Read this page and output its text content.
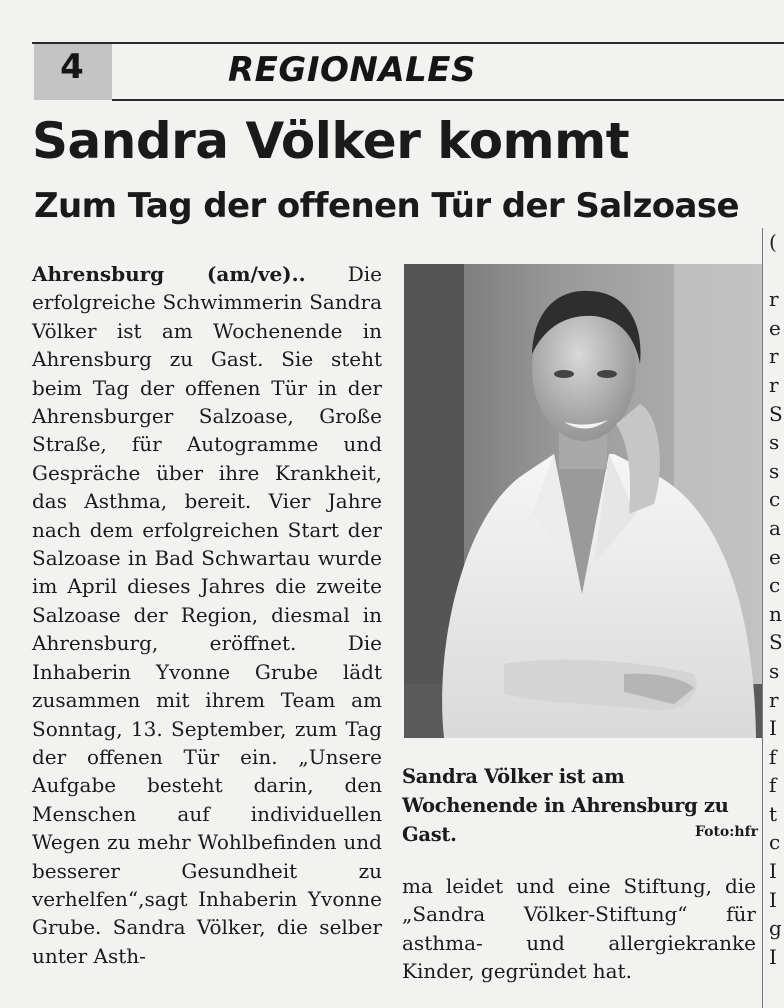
4	REGIONALES
Sandra Völker kommt
Zum Tag der offenen Tür der Salzoase
Ahrensburg (am/ve).. Die erfolgreiche Schwimmerin Sandra Völker ist am Wochenende in Ahrensburg zu Gast. Sie steht beim Tag der offenen Tür in der Ahrensburger Salzoase, Große Straße, für Autogramme und Gespräche über ihre Krankheit, das Asthma, bereit. Vier Jahre nach dem erfolgreichen Start der Salzoase in Bad Schwartau wurde im April dieses Jahres die zweite Salzoase der Region, diesmal in Ahrensburg, eröffnet. Die Inhaberin Yvonne Grube lädt zusammen mit ihrem Team am Sonntag, 13. September, zum Tag der offenen Tür ein. „Unsere Aufgabe besteht darin, den Menschen auf individuellen Wegen zu mehr Wohlbefinden und besserer Gesundheit zu verhelfen“,sagt Inhaberin Yvonne Grube. Sandra Völker, die selber unter Asth-
Sandra Völker ist am Wochenende in Ahrensburg zu Gast.	Foto:hfr
ma leidet und eine Stiftung, die „Sandra Völker-Stiftung“ für asthma- und allergiekranke Kinder, gegründet hat.
(

r
e
r
r
S
s
s
c
a
e
c
n
S
s
r
I
f
f
t
c
I
I
g
I
